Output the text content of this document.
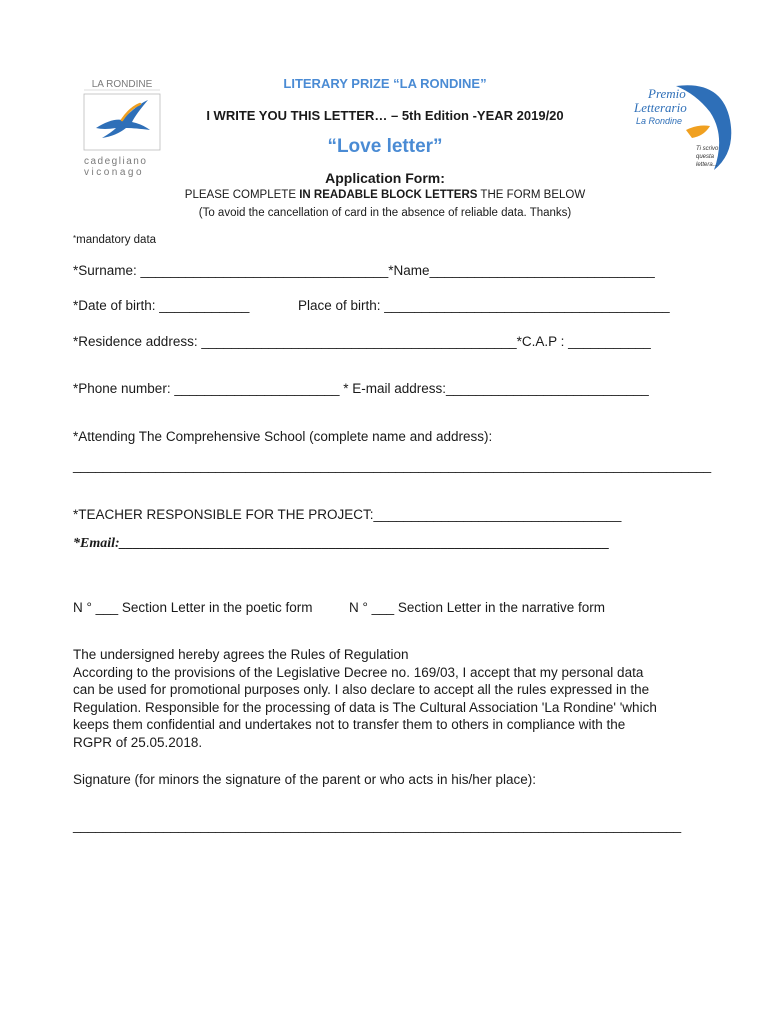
LA RONDINE
cadegliano
viconago
Premio
Letterario
La Rondine
Ti scrivo
questa
lettera...
LITERARY PRIZE “LA RONDINE”
I WRITE YOU THIS LETTER… – 5th Edition -YEAR 2019/20
“Love letter”
Application Form:
PLEASE COMPLETE IN READABLE BLOCK LETTERS THE FORM BELOW
(To avoid the cancellation of card in the absence of reliable data. Thanks)
*mandatory data
*Surname: _________________________________*Name______________________________
*Date of birth: ____________	Place of birth: ______________________________________
*Residence address: __________________________________________*C.A.P : ___________
*Phone number: ______________________ * E-mail address:___________________________
*Attending The Comprehensive School (complete name and address):
_____________________________________________________________________________________
*TEACHER RESPONSIBLE FOR THE PROJECT:_________________________________
*Email:______________________________________________________________________
N ° ___ Section Letter in the poetic form	N ° ___ Section Letter in the narrative form
The undersigned hereby agrees the Rules of Regulation
According to the provisions of the Legislative Decree no. 169/03, I accept that my personal data
can be used for promotional purposes only. I also declare to accept all the rules expressed in the
Regulation. Responsible for the processing of data is The Cultural Association 'La Rondine' 'which
keeps them confidential and undertakes not to transfer them to others in compliance with the
RGPR of 25.05.2018.
Signature (for minors the signature of the parent or who acts in his/her place):
_________________________________________________________________________________
